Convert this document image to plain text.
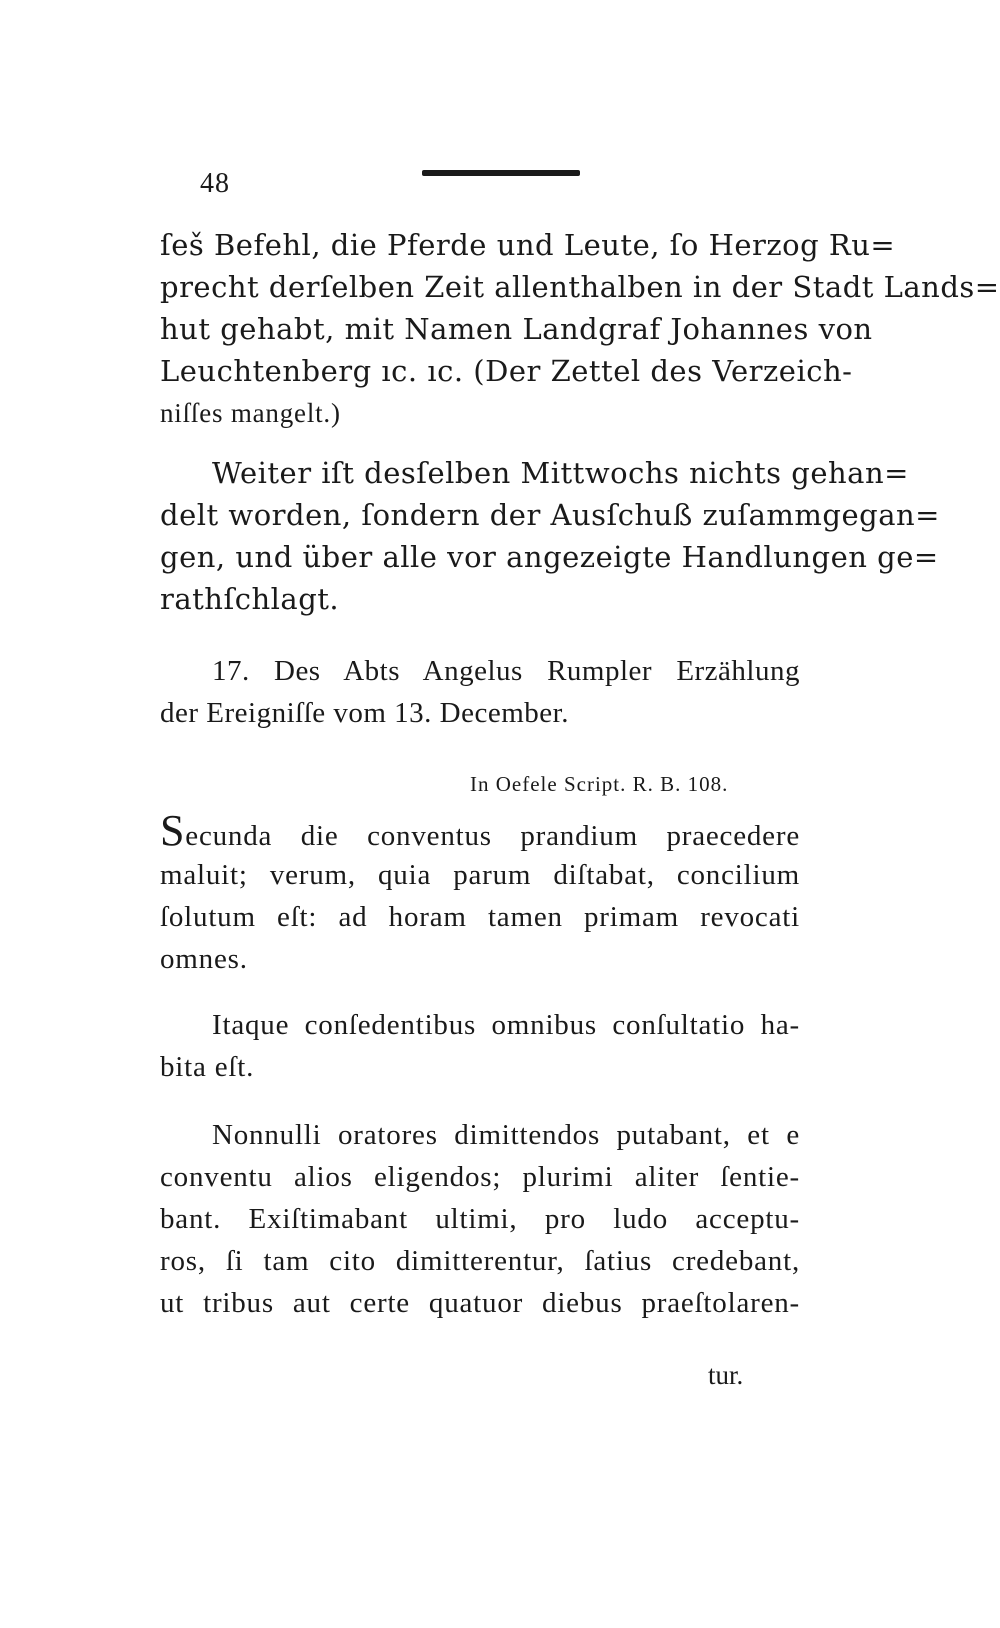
48
ſeš Befehl, die Pferde und Leute, ſo Herzog Ru=
precht derſelben Zeit allenthalben in der Stadt Lands=
hut gehabt, mit Namen Landgraf Johannes von
Leuchtenberg ıc. ıc. (Der Zettel des Verzeich-
niſſes mangelt.)
Weiter iſt desſelben Mittwochs nichts gehan=
delt worden, ſondern der Ausſchuß zuſammgegan=
gen, und über alle vor angezeigte Handlungen ge=
rathſchlagt.
17. Des Abts Angelus Rumpler Erzählung
der Ereigniſſe vom 13. December.
In Oefele Script. R. B. 108.
Secunda die conventus prandium praecedere
maluit; verum, quia parum diſtabat, concilium
ſolutum eſt: ad horam tamen primam revocati
omnes.
Itaque conſedentibus omnibus conſultatio ha-
bita eſt.
Nonnulli oratores dimittendos putabant, et e
conventu alios eligendos; plurimi aliter ſentie-
bant. Exiſtimabant ultimi, pro ludo acceptu-
ros, ſi tam cito dimitterentur, ſatius credebant,
ut tribus aut certe quatuor diebus praeſtolaren-
tur.
